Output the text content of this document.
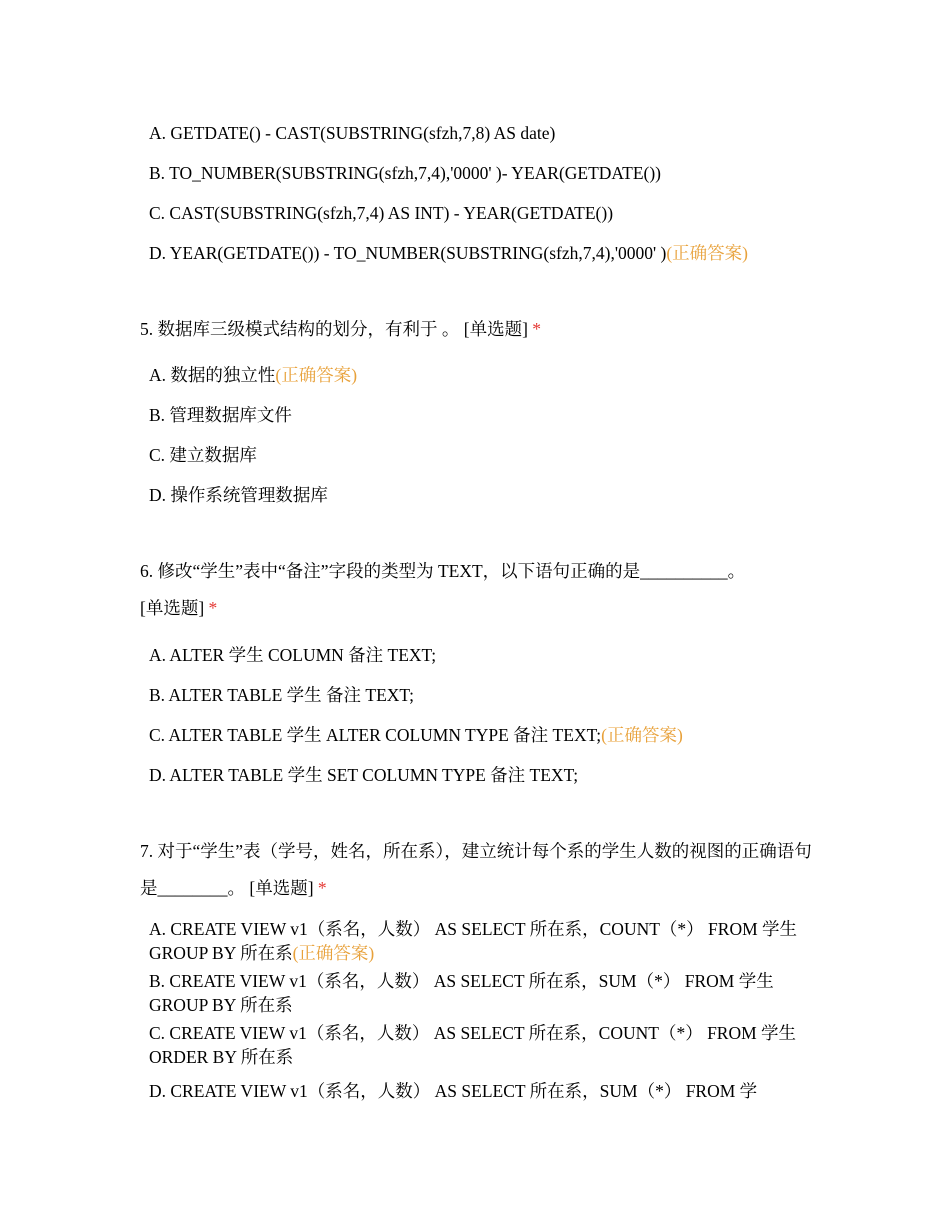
A. GETDATE() - CAST(SUBSTRING(sfzh,7,8) AS date)
B. TO_NUMBER(SUBSTRING(sfzh,7,4),'0000' )- YEAR(GETDATE())
C. CAST(SUBSTRING(sfzh,7,4) AS INT) - YEAR(GETDATE())
D. YEAR(GETDATE()) - TO_NUMBER(SUBSTRING(sfzh,7,4),'0000' )(正确答案)
5. 数据库三级模式结构的划分，有利于 。 [单选题] *
A. 数据的独立性(正确答案)
B. 管理数据库文件
C. 建立数据库
D. 操作系统管理数据库
6. 修改“学生”表中“备注”字段的类型为 TEXT，以下语句正确的是__________。
[单选题] *
A. ALTER 学生 COLUMN 备注 TEXT;
B. ALTER TABLE 学生 备注 TEXT;
C. ALTER TABLE 学生 ALTER COLUMN TYPE 备注 TEXT;(正确答案)
D. ALTER TABLE 学生 SET COLUMN TYPE 备注 TEXT;
7. 对于“学生”表（学号，姓名，所在系），建立统计每个系的学生人数的视图的正确语句是________。 [单选题] *
A. CREATE VIEW v1（系名，人数） AS SELECT 所在系，COUNT（*） FROM 学生 GROUP BY 所在系(正确答案)
B. CREATE VIEW v1（系名，人数） AS SELECT 所在系，SUM（*） FROM 学生 GROUP BY 所在系
C. CREATE VIEW v1（系名，人数） AS SELECT 所在系，COUNT（*） FROM 学生 ORDER BY 所在系
D. CREATE VIEW v1（系名，人数） AS SELECT 所在系，SUM（*） FROM 学
